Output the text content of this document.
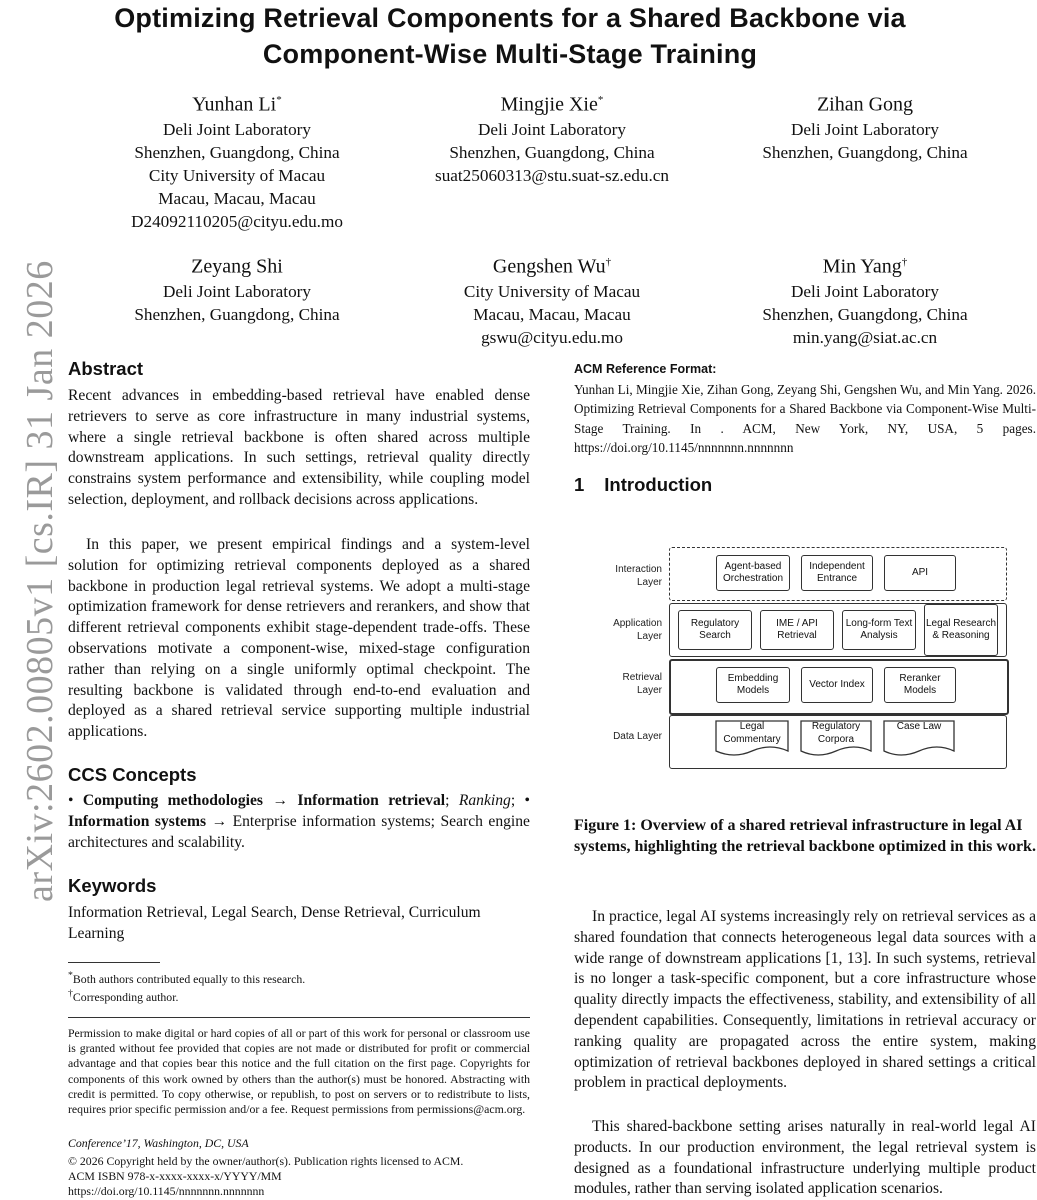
Optimizing Retrieval Components for a Shared Backbone via
Component-Wise Multi-Stage Training
arXiv:2602.00805v1 [cs.IR] 31 Jan 2026
Yunhan Li*
Deli Joint Laboratory
Shenzhen, Guangdong, China
City University of Macau
Macau, Macau, Macau
D24092110205@cityu.edu.mo
Mingjie Xie*
Deli Joint Laboratory
Shenzhen, Guangdong, China
suat25060313@stu.suat-sz.edu.cn
Zihan Gong
Deli Joint Laboratory
Shenzhen, Guangdong, China
Zeyang Shi
Deli Joint Laboratory
Shenzhen, Guangdong, China
Gengshen Wu†
City University of Macau
Macau, Macau, Macau
gswu@cityu.edu.mo
Min Yang†
Deli Joint Laboratory
Shenzhen, Guangdong, China
min.yang@siat.ac.cn
Abstract

Recent advances in embedding-based retrieval have enabled dense retrievers to serve as core infrastructure in many industrial systems, where a single retrieval backbone is often shared across multiple downstream applications. In such settings, retrieval quality directly constrains system performance and extensibility, while coupling model selection, deployment, and rollback decisions across applications.

In this paper, we present empirical findings and a system-level solution for optimizing retrieval components deployed as a shared backbone in production legal retrieval systems. We adopt a multi-stage optimization framework for dense retrievers and rerankers, and show that different retrieval components exhibit stage-dependent trade-offs. These observations motivate a component-wise, mixed-stage configuration rather than relying on a single uniformly optimal checkpoint. The resulting backbone is validated through end-to-end evaluation and deployed as a shared retrieval service supporting multiple industrial applications.

CCS Concepts

• Computing methodologies → Information retrieval; Ranking; • Information systems → Enterprise information systems; Search engine architectures and scalability.

Keywords

Information Retrieval, Legal Search, Dense Retrieval, Curriculum Learning

*Both authors contributed equally to this research.

†Corresponding author.

Permission to make digital or hard copies of all or part of this work for personal or classroom use is granted without fee provided that copies are not made or distributed for profit or commercial advantage and that copies bear this notice and the full citation on the first page. Copyrights for components of this work owned by others than the author(s) must be honored. Abstracting with credit is permitted. To copy otherwise, or republish, to post on servers or to redistribute to lists, requires prior specific permission and/or a fee. Request permissions from permissions@acm.org.

Conference’17, Washington, DC, USA

© 2026 Copyright held by the owner/author(s). Publication rights licensed to ACM.

ACM ISBN 978-x-xxxx-xxxx-x/YYYY/MM

https://doi.org/10.1145/nnnnnnn.nnnnnnn

ACM Reference Format:

Yunhan Li, Mingjie Xie, Zihan Gong, Zeyang Shi, Gengshen Wu, and Min Yang. 2026. Optimizing Retrieval Components for a Shared Backbone via Component-Wise Multi-Stage Training. In . ACM, New York, NY, USA, 5 pages. https://doi.org/10.1145/nnnnnnn.nnnnnnn

1 Introduction
Interaction Layer
Application Layer
Retrieval Layer
Data Layer
Agent-based Orchestration
Independent Entrance
API
Regulatory Search
IME / API Retrieval
Long-form Text Analysis
Legal Research & Reasoning
Embedding Models
Vector Index
Reranker Models
Legal Commentary
Regulatory Corpora
Case Law

Figure 1: Overview of a shared retrieval infrastructure in legal AI systems, highlighting the retrieval backbone optimized in this work.

In practice, legal AI systems increasingly rely on retrieval services as a shared foundation that connects heterogeneous legal data sources with a wide range of downstream applications [1, 13]. In such systems, retrieval is no longer a task-specific component, but a core infrastructure whose quality directly impacts the effectiveness, stability, and extensibility of all dependent capabilities. Consequently, limitations in retrieval accuracy or ranking quality are propagated across the entire system, making optimization of retrieval backbones deployed in shared settings a critical problem in practical deployments.

This shared-backbone setting arises naturally in real-world legal AI products. In our production environment, the legal retrieval system is designed as a foundational infrastructure underlying multiple product modules, rather than serving isolated application scenarios.
